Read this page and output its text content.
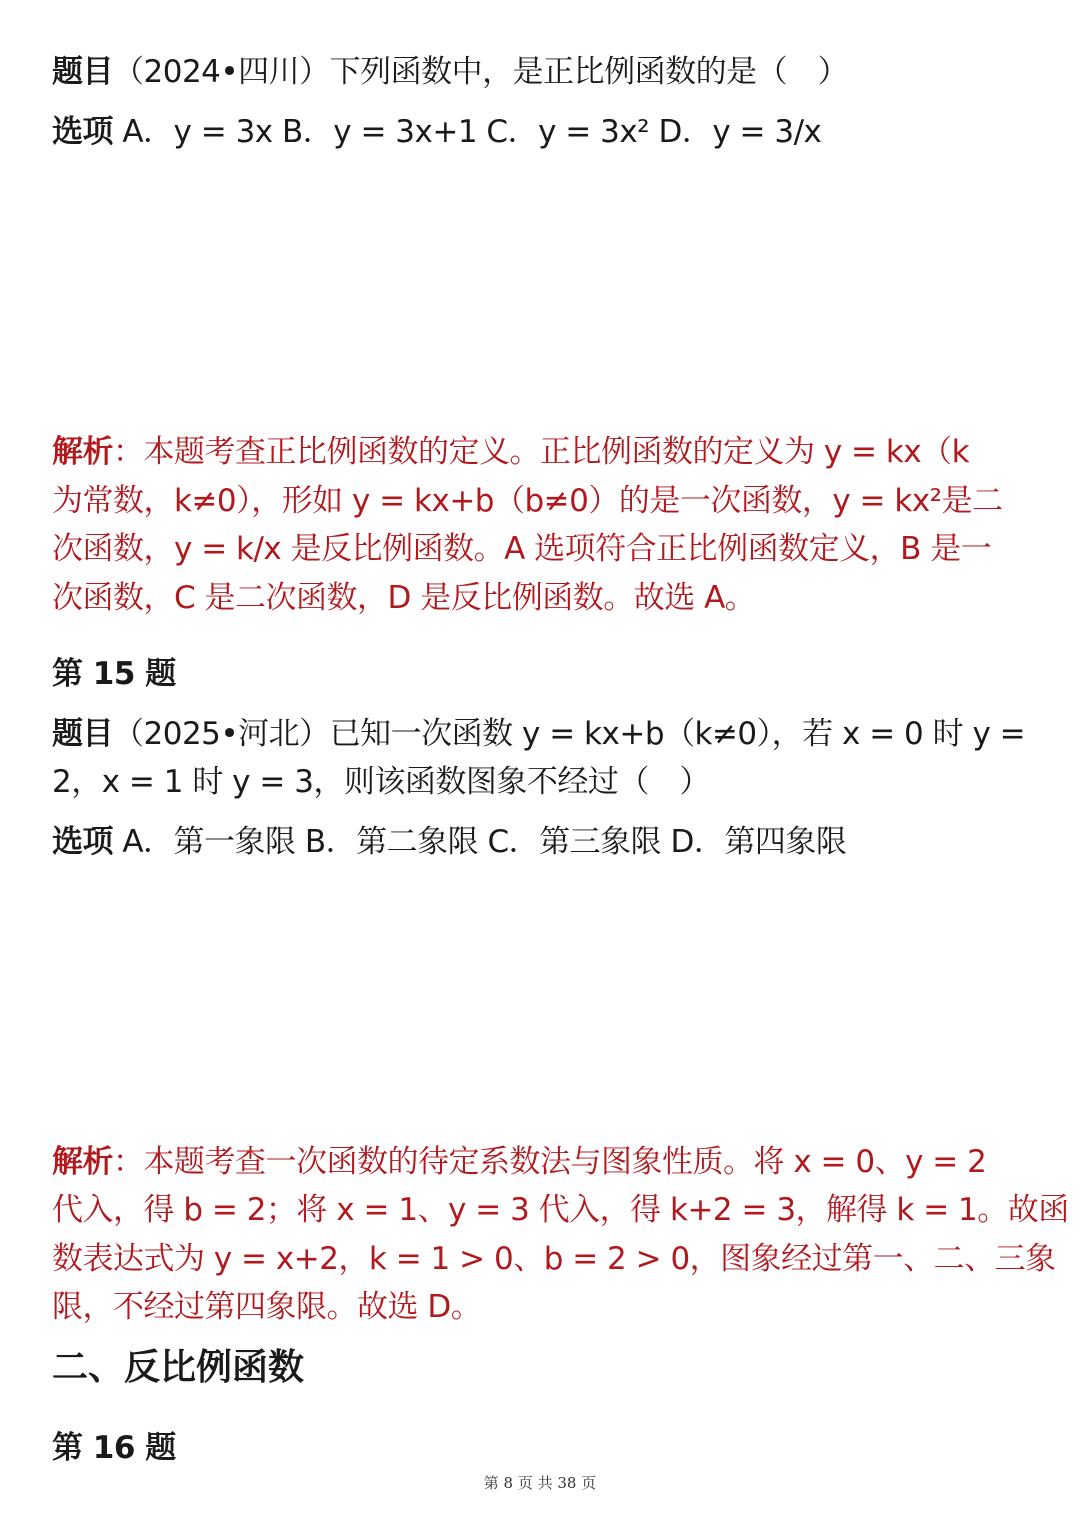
题目（2024•四川）下列函数中，是正比例函数的是（　）
选项 A．y = 3x B．y = 3x+1 C．y = 3x² D．y = 3/x
解析：本题考查正比例函数的定义。正比例函数的定义为 y = kx（k
为常数，k≠0），形如 y = kx+b（b≠0）的是一次函数，y = kx²是二
次函数，y = k/x 是反比例函数。A 选项符合正比例函数定义，B 是一
次函数，C 是二次函数，D 是反比例函数。故选 A。
第 15 题
题目（2025•河北）已知一次函数 y = kx+b（k≠0），若 x = 0 时 y =
2，x = 1 时 y = 3，则该函数图象不经过（　）
选项 A．第一象限 B．第二象限 C．第三象限 D．第四象限
解析：本题考查一次函数的待定系数法与图象性质。将 x = 0、y = 2
代入，得 b = 2；将 x = 1、y = 3 代入，得 k+2 = 3，解得 k = 1。故函
数表达式为 y = x+2，k = 1 > 0、b = 2 > 0，图象经过第一、二、三象
限，不经过第四象限。故选 D。
二、反比例函数
第 16 题
第 8 页 共 38 页
